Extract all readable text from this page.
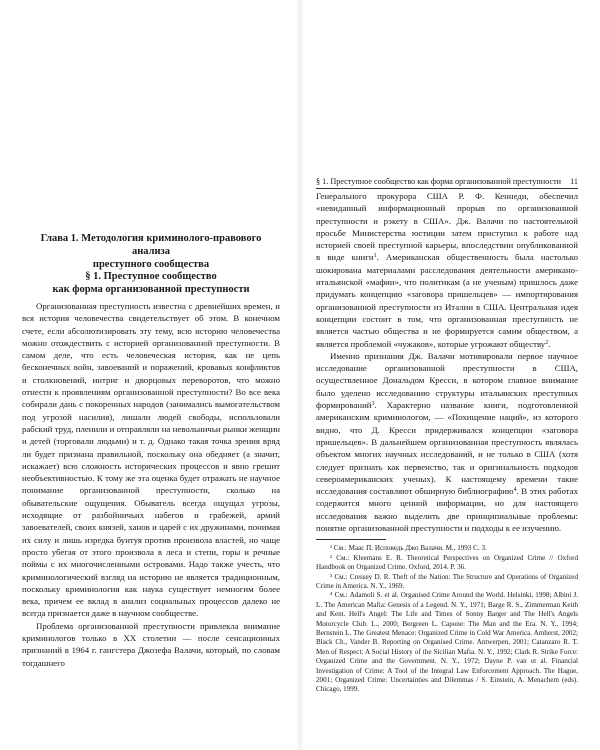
Глава 1. Методология криминолого-правового анализа
преступного сообщества
§ 1. Преступное сообщество
как форма организованной преступности

Организованная преступность известна с древнейших времен, и вся история человечества свидетельствует об этом. В конечном счете, если абсолютизировать эту тему, всю историю человечества можно отождествить с историей организованной преступности. В самом деле, что есть человеческая история, как не цепь бесконечных войн, завоеваний и поражений, кровавых конфликтов и столкновений, интриг и дворцовых переворотов, что можно отнести к проявлениям организованной преступности? Во все века собирали дань с покоренных народов (занимались вымогательством под угрозой насилия), лишали людей свободы, использовали рабский труд, пленили и отправляли на невольничьи рынки женщин и детей (торговали людьми) и т. д. Однако такая точка зрения вряд ли будет признана правильной, поскольку она обедняет (а значит, искажает) всю сложность исторических процессов и явно грешит необъективностью. К тому же эта оценка будет отражать не научное понимание организованной преступности, сколько на обывательские ощущения. Обыватель всегда ощущал угрозы, исходящие от разбойничьих набегов и грабежей, армий завоевателей, своих князей, ханов и царей с их дружинами, понимая их силу и лишь изредка бунтуя против произвола властей, но чаще просто убегая от этого произвола в леса и степи, горы и речные поймы с их многочисленными островами. Надо также учесть, что криминологический взгляд на историю не является традиционным, поскольку криминология как наука существует немногим более века, причем ее вклад в анализ социальных процессов далеко не всегда признается даже в научном сообществе.

Проблема организованной преступности привлекла внимание криминологов только в XX столетии — после сенсационных признаний в 1964 г. гангстера Джозефа Валачи, который, по словам тогдашнего

§ 1. Преступное сообщество как форма организованной преступности 11

Генерального прокурора США Р. Ф. Кеннеди, обеспечил «невиданный информационный прорыв по организованной преступности и рэкету в США». Дж. Валачи по настоятельной просьбе Министерства юстиции затем приступил к работе над историей своей преступной карьеры, впоследствии опубликованной в виде книги$^1$. Американская общественность была настолько шокирована материалами расследования деятельности американо-итальянской «мафии», что политикам (а не ученым) пришлось даже придумать концепцию «заговора пришельцев» — импортирования организованной преступности из Италии в США. Центральная идея концепции состоит в том, что организованная преступность не является частью общества и не формируется самим обществом, а является проблемой «чужаков», которые угрожают обществу$^2$.

Именно признания Дж. Валачи мотивировали первое научное исследование организованной преступности в США, осуществленное Дональдом Кресси, в котором главное внимание было уделено исследованию структуры итальянских преступных формирований$^3$. Характерно название книги, подготовленной американским криминологом, — «Похищение наций», из которого видно, что Д. Кресси придерживался концепции «заговора пришельцев». В дальнейшем организованная преступность являлась объектом многих научных исследований, и не только в США (хотя следует признать как первенство, так и оригинальность подходов североамериканских ученых). К настоящему времени такие исследования составляют обширную библиографию$^4$. В этих работах содержится много ценной информации, но для настоящего исследования важно выделить две принципиальные проблемы: понятие организованной преступности и подходы к ее изучению.

¹ См.: Маас П. Исповедь Джо Валачи. М., 1993 С. 3.

² См.: Kleemans E. R. Theoretical Perspectives on Organized Crime // Oxford Handbook on Organized Crime. Oxford, 2014. P. 36.

³ См.: Cressey D. R. Theft of the Nation: The Structure and Operations of Organized Crime in America. N. Y., 1969.

⁴ См.: Adamoli S. et al. Organised Crime Around the World. Helsinki, 1998; Albini J. L. The American Mafia: Genesis of a Legend. N. Y., 1971; Barge R. S., Zimmerman Keith and Kent. Hell's Angel: The Life and Times of Sonny Barger and The Hell's Angels Motorcycle Club. L., 2000; Bergreen L. Capone: The Man and the Era. N. Y., 1994; Bernstein L. The Greatest Menace: Organized Crime in Cold War America. Amherst, 2002; Black Ch., Vander B. Reporting on Organised Crime. Antwerpen, 2001; Catanzaro R. T. Men of Respect: A Social History of the Sicilian Mafia. N. Y., 1992; Clark R. Strike Force: Organized Crime and the Government. N. Y., 1972; Dayne P. van et al. Financial Investigation of Crime: A Tool of the Integral Law Enforcement Approach. The Hague, 2001; Organized Crime: Uncertainties and Dilemmas / S. Einstein, A. Menachem (eds). Chicago, 1999.
